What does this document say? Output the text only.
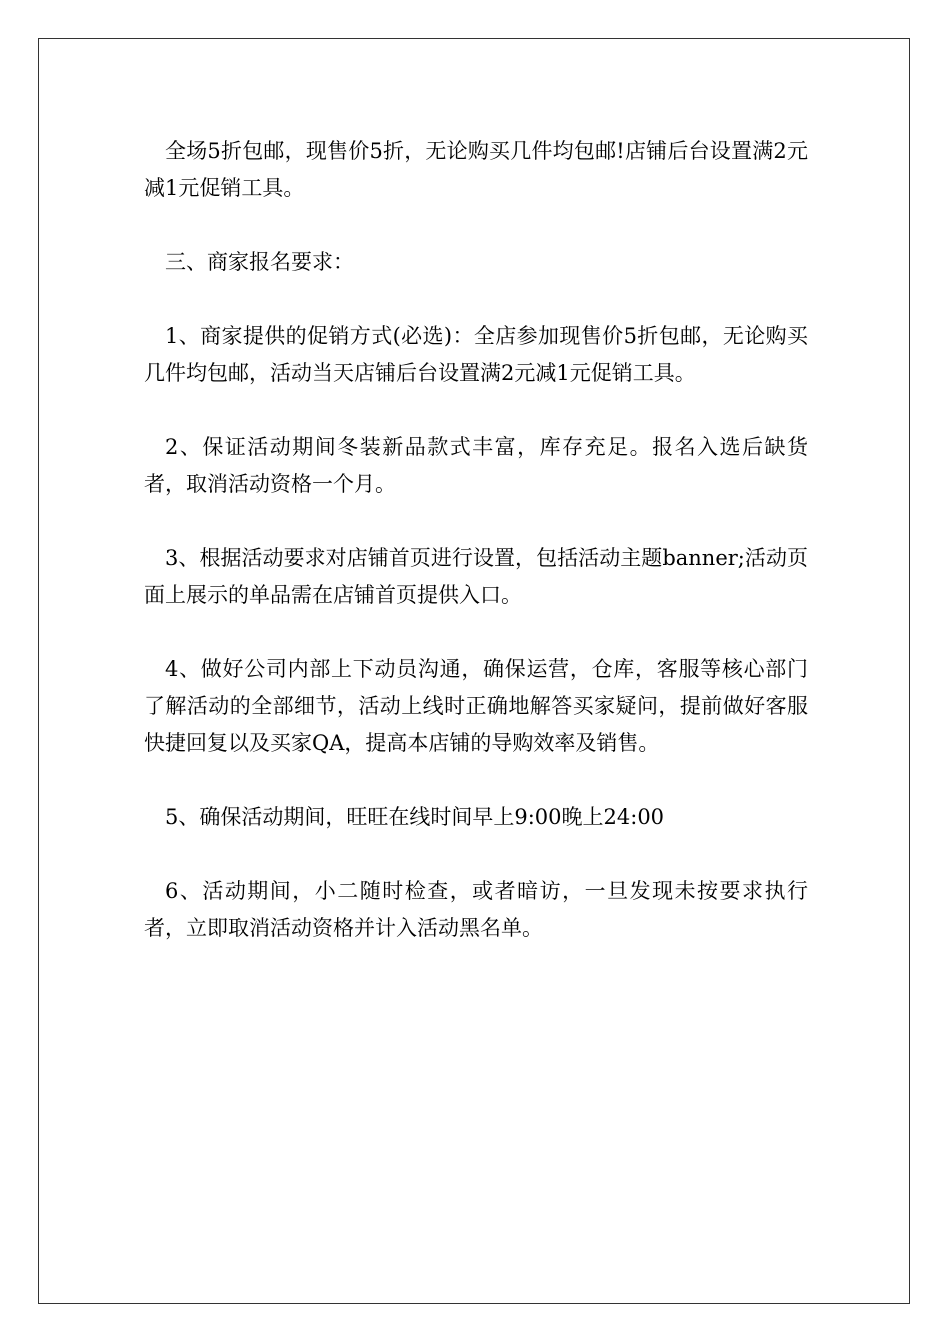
全场5折包邮，现售价5折，无论购买几件均包邮!店铺后台设置满2元减1元促销工具。

三、商家报名要求：

1、商家提供的促销方式(必选)：全店参加现售价5折包邮，无论购买几件均包邮，活动当天店铺后台设置满2元减1元促销工具。

2、保证活动期间冬装新品款式丰富，库存充足。报名入选后缺货者，取消活动资格一个月。

3、根据活动要求对店铺首页进行设置，包括活动主题banner;活动页面上展示的单品需在店铺首页提供入口。

4、做好公司内部上下动员沟通，确保运营，仓库，客服等核心部门了解活动的全部细节，活动上线时正确地解答买家疑问，提前做好客服快捷回复以及买家QA，提高本店铺的导购效率及销售。

5、确保活动期间，旺旺在线时间早上9:00晚上24:00

6、活动期间，小二随时检查，或者暗访，一旦发现未按要求执行者，立即取消活动资格并计入活动黑名单。
